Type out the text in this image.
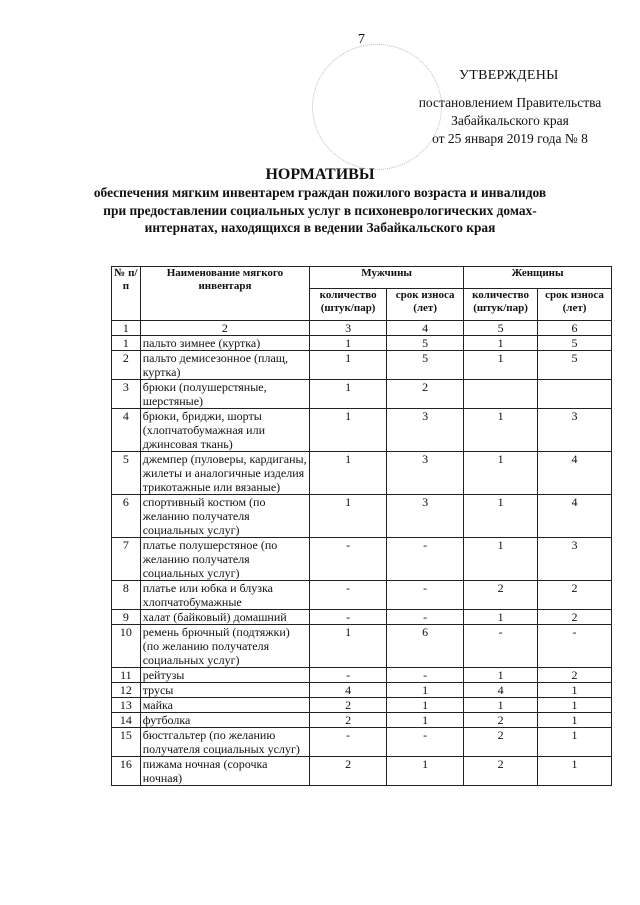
7
УТВЕРЖДЕНЫ
постановлением Правительства
Забайкальского края
от 25 января 2019 года № 8
НОРМАТИВЫ
обеспечения мягким инвентарем граждан пожилого возраста и инвалидов при предоставлении социальных услуг в психоневрологических домах-интернатах, находящихся в ведении Забайкальского края
№ п/п	Наименование мягкого инвентаря	Мужчины		Женщины	
		количество (штук/пар)	срок износа (лет)	количество (штук/пар)	срок износа (лет)
1	2	3	4	5	6
1	пальто зимнее (куртка)	1	5	1	5
2	пальто демисезонное (плащ, куртка)	1	5	1	5
3	брюки (полушерстяные, шерстяные)	1	2		
4	брюки, бриджи, шорты (хлопчатобумажная или джинсовая ткань)	1	3	1	3
5	джемпер (пуловеры, кардиганы, жилеты и аналогичные изделия трикотажные или вязаные)	1	3	1	4
6	спортивный костюм (по желанию получателя социальных услуг)	1	3	1	4
7	платье полушерстяное (по желанию получателя социальных услуг)	-	-	1	3
8	платье или юбка и блузка хлопчатобумажные	-	-	2	2
9	халат (байковый) домашний	-	-	1	2
10	ремень брючный (подтяжки) (по желанию получателя социальных услуг)	1	6	-	-
11	рейтузы	-	-	1	2
12	трусы	4	1	4	1
13	майка	2	1	1	1
14	футболка	2	1	2	1
15	бюстгальтер (по желанию получателя социальных услуг)	-	-	2	1
16	пижама ночная (сорочка ночная)	2	1	2	1
